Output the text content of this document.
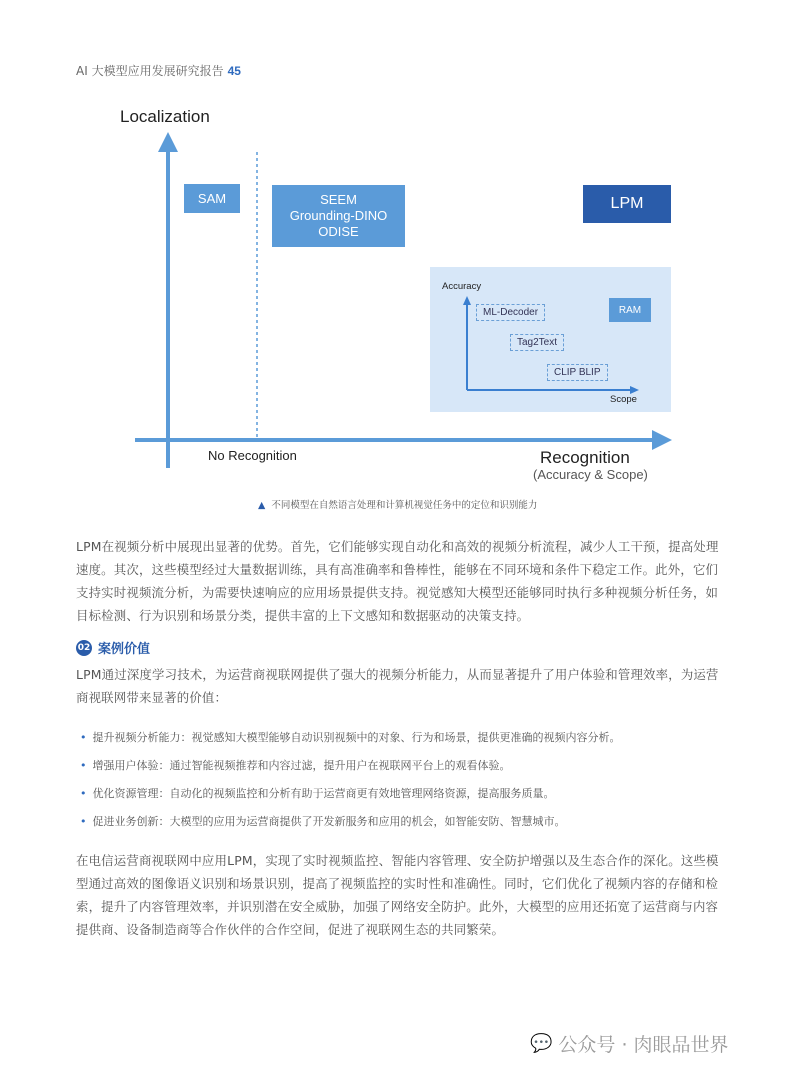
AI 大模型应用发展研究报告 45
Localization
SAM	SEEM
Grounding-DINO
ODISE
LPM
Accuracy
Scope
ML-Decoder
Tag2Text
CLIP BLIP
RAM
No Recognition	Recognition
(Accuracy & Scope)
▲ 不同模型在自然语言处理和计算机视觉任务中的定位和识别能力
LPM在视频分析中展现出显著的优势。首先，它们能够实现自动化和高效的视频分析流程，减少人工干预，提高处理速度。其次，这些模型经过大量数据训练，具有高准确率和鲁棒性，能够在不同环境和条件下稳定工作。此外，它们支持实时视频流分析，为需要快速响应的应用场景提供支持。视觉感知大模型还能够同时执行多种视频分析任务，如目标检测、行为识别和场景分类，提供丰富的上下文感知和数据驱动的决策支持。
02 案例价值
LPM通过深度学习技术，为运营商视联网提供了强大的视频分析能力，从而显著提升了用户体验和管理效率，为运营商视联网带来显著的价值：
• 提升视频分析能力：视觉感知大模型能够自动识别视频中的对象、行为和场景，提供更准确的视频内容分析。
• 增强用户体验：通过智能视频推荐和内容过滤，提升用户在视联网平台上的观看体验。
• 优化资源管理：自动化的视频监控和分析有助于运营商更有效地管理网络资源，提高服务质量。
• 促进业务创新：大模型的应用为运营商提供了开发新服务和应用的机会，如智能安防、智慧城市。
在电信运营商视联网中应用LPM，实现了实时视频监控、智能内容管理、安全防护增强以及生态合作的深化。这些模型通过高效的图像语义识别和场景识别，提高了视频监控的实时性和准确性。同时，它们优化了视频内容的存储和检索，提升了内容管理效率，并识别潜在安全威胁，加强了网络安全防护。此外，大模型的应用还拓宽了运营商与内容提供商、设备制造商等合作伙伴的合作空间，促进了视联网生态的共同繁荣。
💬 公众号 · 肉眼品世界
